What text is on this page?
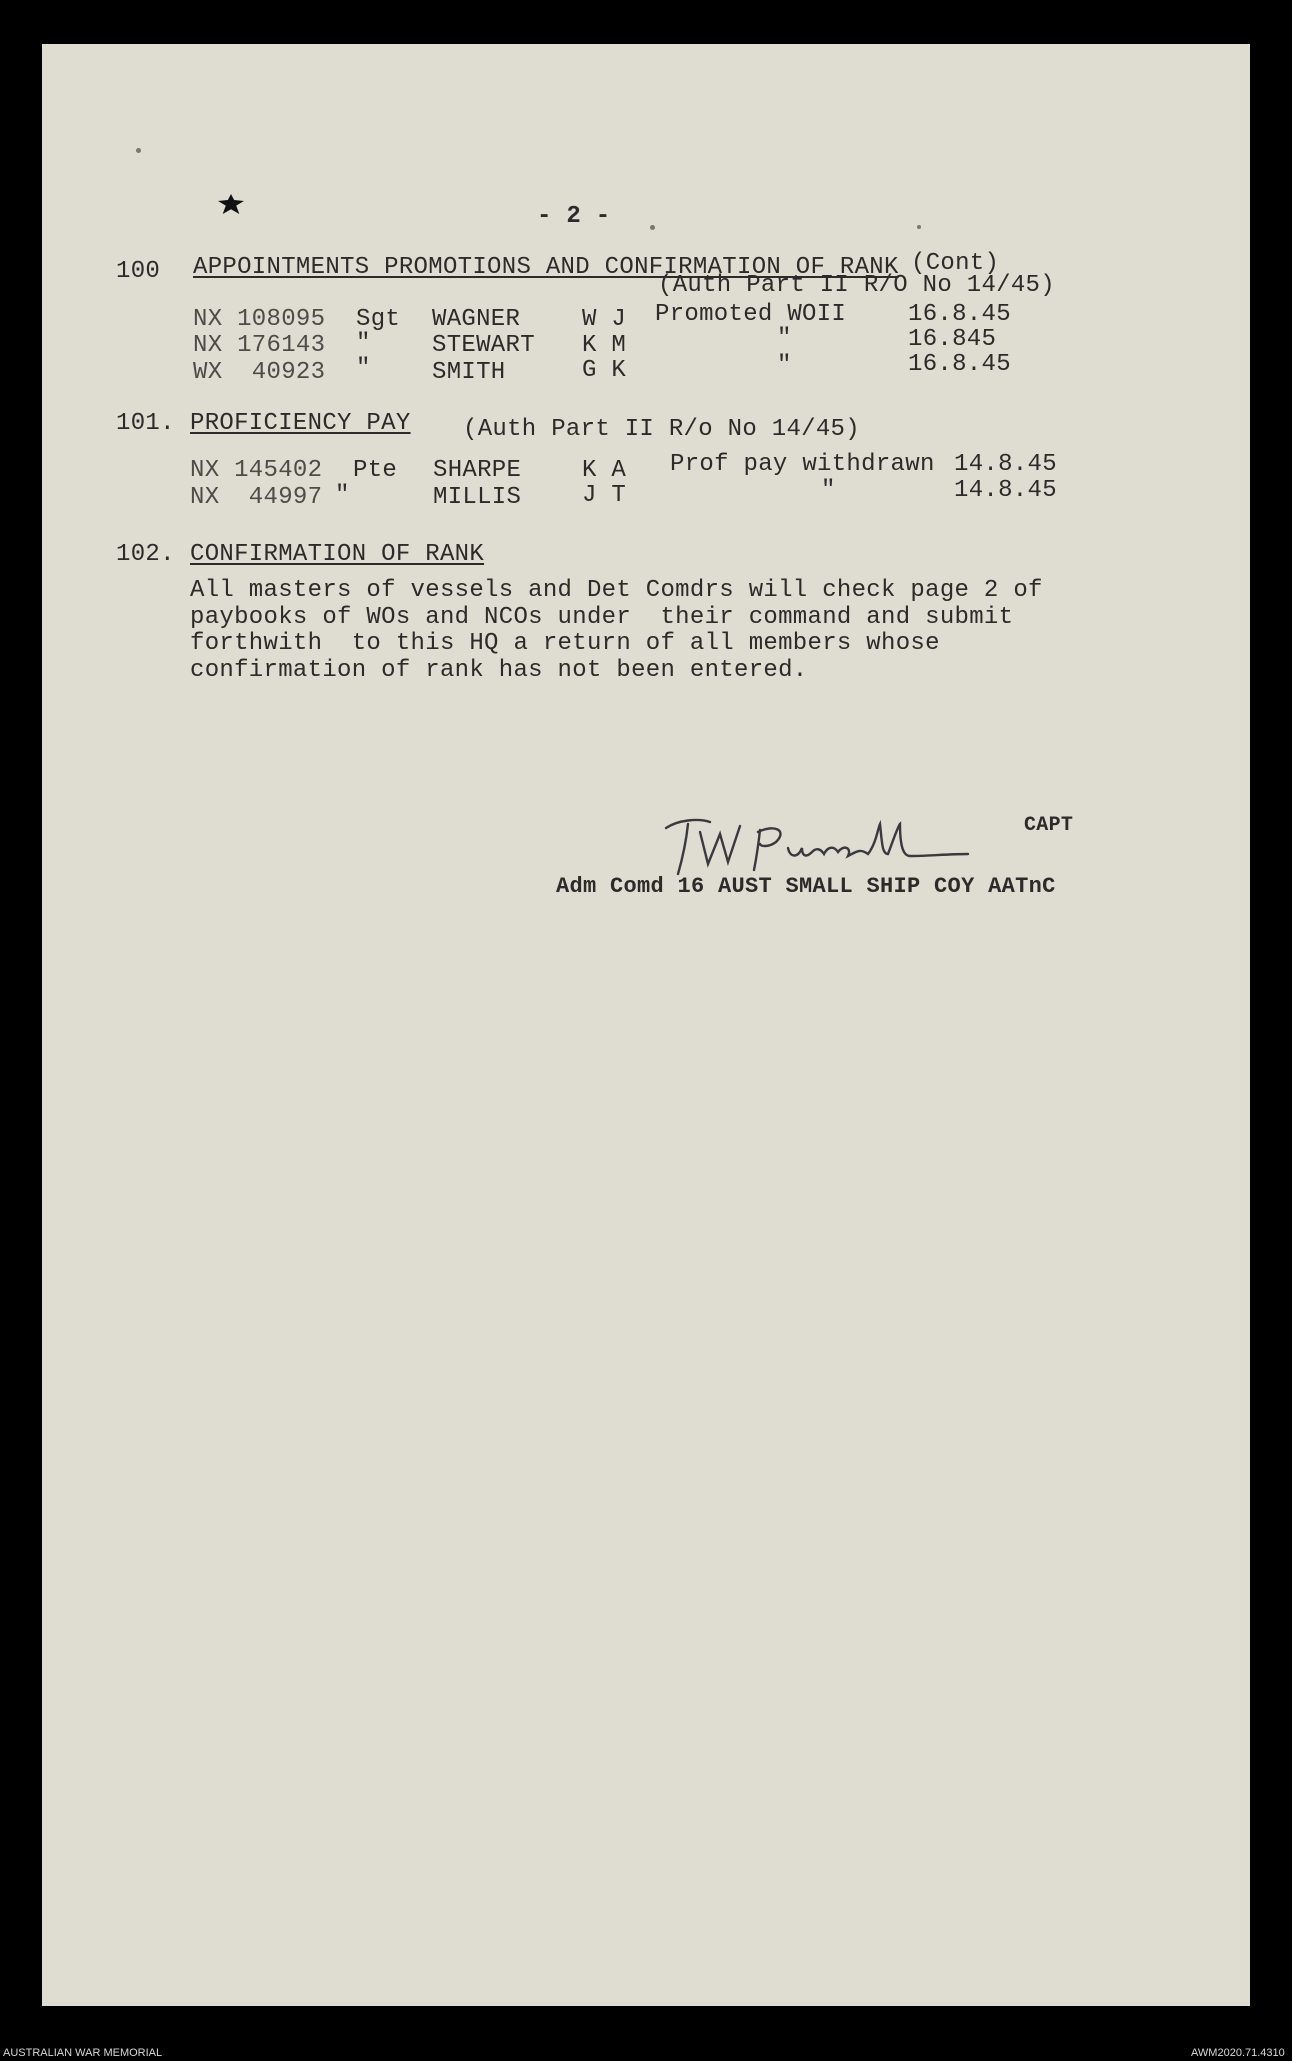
- 2 -
100 APPOINTMENTS PROMOTIONS AND CONFIRMATION OF RANK (Cont)
(Auth Part II R/O No 14/45)
NX 108095 Sgt WAGNER	W J Promoted WOII	16.8.45
NX 176143 "	STEWART K M	"	16.845
WX  40923 "	SMITH	G K	"	16.8.45
101. PROFICIENCY PAY (Auth Part II R/o No 14/45)
NX 145402 Pte SHARPE	K A Prof pay withdrawn 14.8.45
NX  44997 "	MILLIS	J T	"	14.8.45
102. CONFIRMATION OF RANK
All masters of vessels and Det Comdrs will check page 2 of
paybooks of WOs and NCOs under  their command and submit
forthwith  to this HQ a return of all members whose
confirmation of rank has not been entered.
CAPT
Adm Comd 16 AUST SMALL SHIP COY AATnC
AUSTRALIAN WAR MEMORIAL	AWM2020.71.4310
